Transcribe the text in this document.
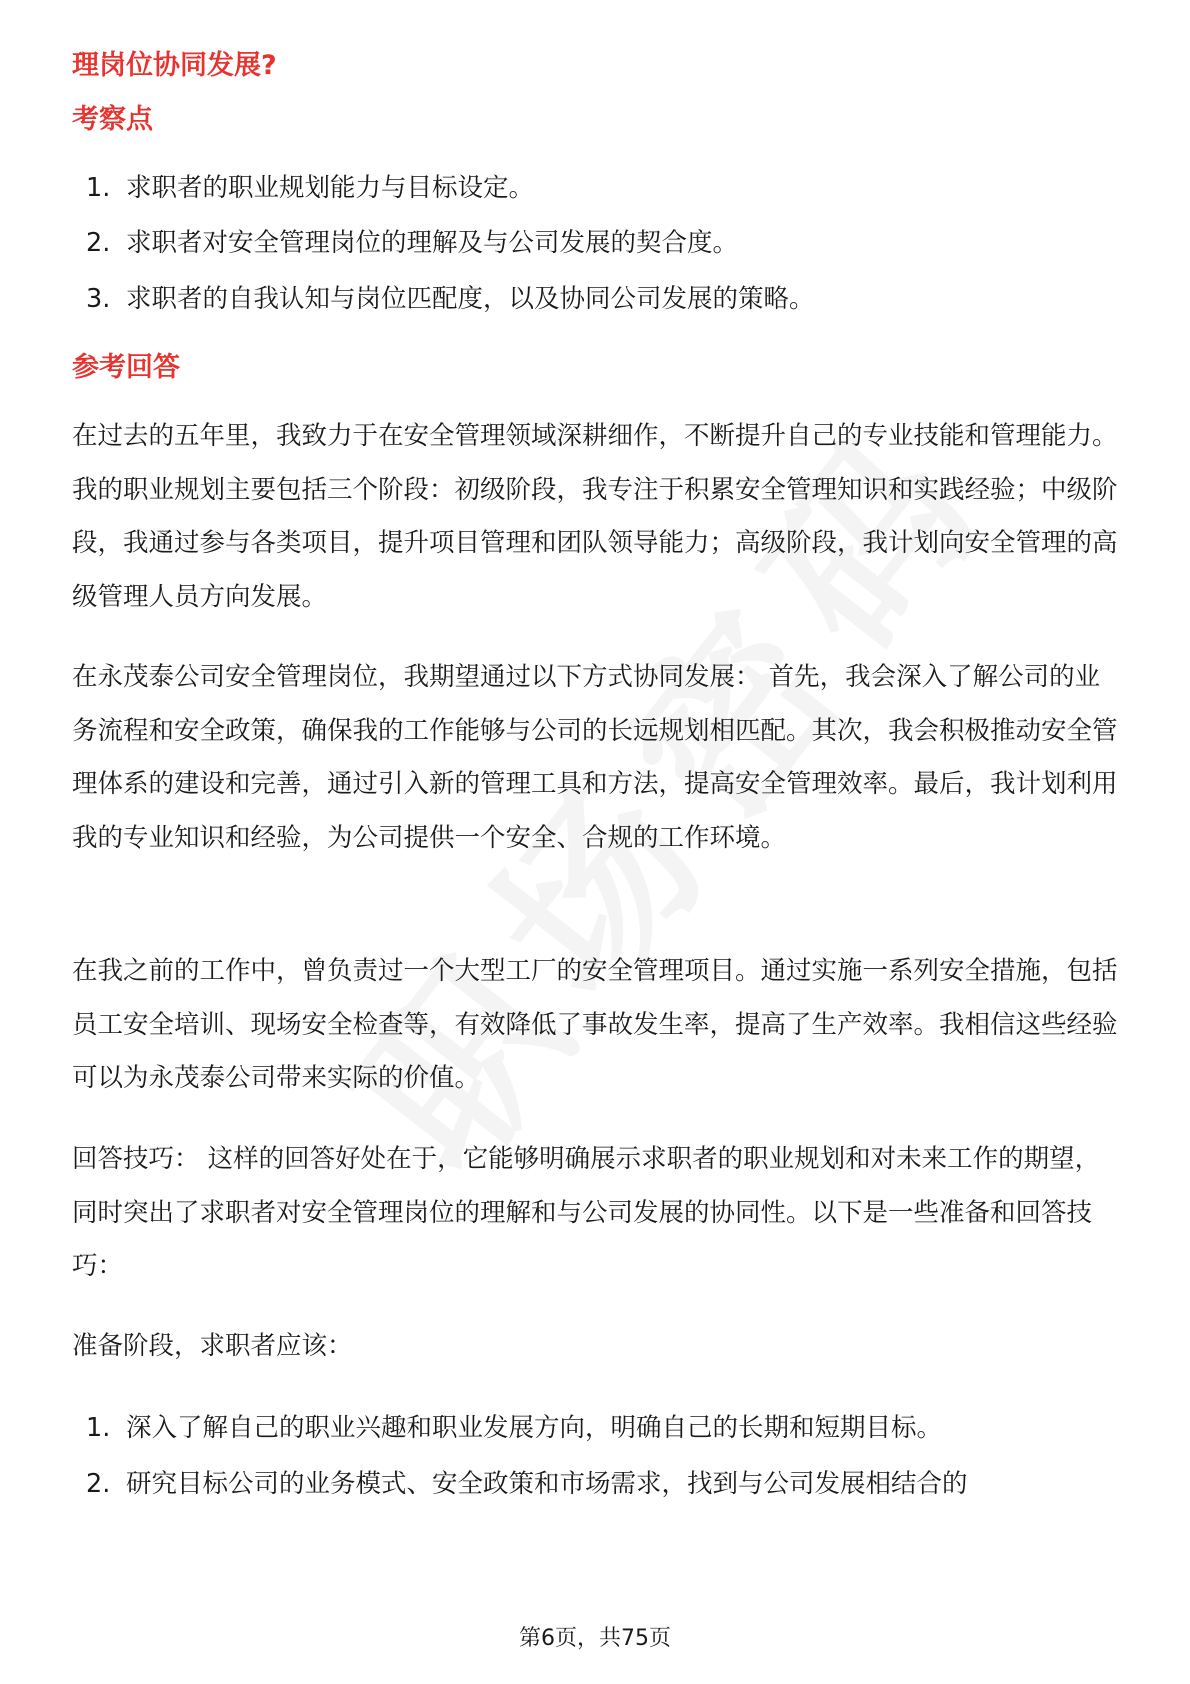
理岗位协同发展?
考察点
1. 求职者的职业规划能力与目标设定。
2. 求职者对安全管理岗位的理解及与公司发展的契合度。
3. 求职者的自我认知与岗位匹配度，以及协同公司发展的策略。
参考回答

在过去的五年里，我致力于在安全管理领域深耕细作，不断提升自己的专业技能和管理能力。我的职业规划主要包括三个阶段：初级阶段，我专注于积累安全管理知识和实践经验；中级阶段，我通过参与各类项目，提升项目管理和团队领导能力；高级阶段，我计划向安全管理的高级管理人员方向发展。

在永茂泰公司安全管理岗位，我期望通过以下方式协同发展： 首先，我会深入了解公司的业务流程和安全政策，确保我的工作能够与公司的长远规划相匹配。其次，我会积极推动安全管理体系的建设和完善，通过引入新的管理工具和方法，提高安全管理效率。最后，我计划利用我的专业知识和经验，为公司提供一个安全、合规的工作环境。

在我之前的工作中，曾负责过一个大型工厂的安全管理项目。通过实施一系列安全措施，包括员工安全培训、现场安全检查等，有效降低了事故发生率，提高了生产效率。我相信这些经验可以为永茂泰公司带来实际的价值。

回答技巧： 这样的回答好处在于，它能够明确展示求职者的职业规划和对未来工作的期望，同时突出了求职者对安全管理岗位的理解和与公司发展的协同性。以下是一些准备和回答技巧：

准备阶段，求职者应该：

1. 深入了解自己的职业兴趣和职业发展方向，明确自己的长期和短期目标。
2. 研究目标公司的业务模式、安全政策和市场需求，找到与公司发展相结合的
第6页，共75页
